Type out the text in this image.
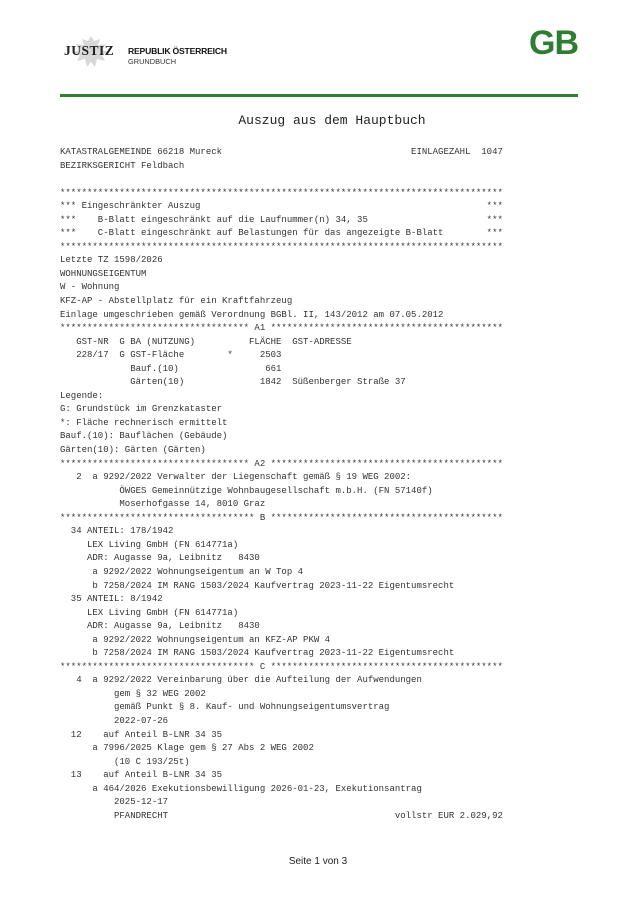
JUSTIZ REPUBLIK ÖSTERREICH
GRUNDBUCH	GB
Auszug aus dem Hauptbuch
KATASTRALGEMEINDE 66218 Mureck                                   EINLAGEZAHL  1047
BEZIRKSGERICHT Feldbach
**********************************************************************************
*** Eingeschränkter Auszug                                                     ***
***    B-Blatt eingeschränkt auf die Laufnummer(n) 34, 35                      ***
***    C-Blatt eingeschränkt auf Belastungen für das angezeigte B-Blatt        ***
**********************************************************************************
Letzte TZ 1598/2026
WOHNUNGSEIGENTUM
W - Wohnung
KFZ-AP - Abstellplatz für ein Kraftfahrzeug
Einlage umgeschrieben gemäß Verordnung BGBl. II, 143/2012 am 07.05.2012
*********************************** A1 *******************************************
GST-NR  G BA (NUTZUNG)          FLÄCHE  GST-ADRESSE
228/17  G GST-Fläche        *     2503
Bauf.(10)                661
Gärten(10)              1842  Süßenberger Straße 37
Legende:
G: Grundstück im Grenzkataster
*: Fläche rechnerisch ermittelt
Bauf.(10): Bauflächen (Gebäude)
Gärten(10): Gärten (Gärten)
*********************************** A2 *******************************************
2  a 9292/2022 Verwalter der Liegenschaft gemäß § 19 WEG 2002:
ÖWGES Gemeinnützige Wohnbaugesellschaft m.b.H. (FN 57140f)
Moserhofgasse 14, 8010 Graz
************************************ B *******************************************
34 ANTEIL: 178/1942
LEX Living GmbH (FN 614771a)
ADR: Augasse 9a, Leibnitz   8430
a 9292/2022 Wohnungseigentum an W Top 4
b 7258/2024 IM RANG 1503/2024 Kaufvertrag 2023-11-22 Eigentumsrecht
35 ANTEIL: 8/1942
LEX Living GmbH (FN 614771a)
ADR: Augasse 9a, Leibnitz   8430
a 9292/2022 Wohnungseigentum an KFZ-AP PKW 4
b 7258/2024 IM RANG 1503/2024 Kaufvertrag 2023-11-22 Eigentumsrecht
************************************ C *******************************************
4  a 9292/2022 Vereinbarung über die Aufteilung der Aufwendungen
gem § 32 WEG 2002
gemäß Punkt § 8. Kauf- und Wohnungseigentumsvertrag
2022-07-26
12    auf Anteil B-LNR 34 35
a 7996/2025 Klage gem § 27 Abs 2 WEG 2002
(10 C 193/25t)
13    auf Anteil B-LNR 34 35
a 464/2026 Exekutionsbewilligung 2026-01-23, Exekutionsantrag
2025-12-17
PFANDRECHT                                          vollstr EUR 2.029,92
Seite 1 von 3
